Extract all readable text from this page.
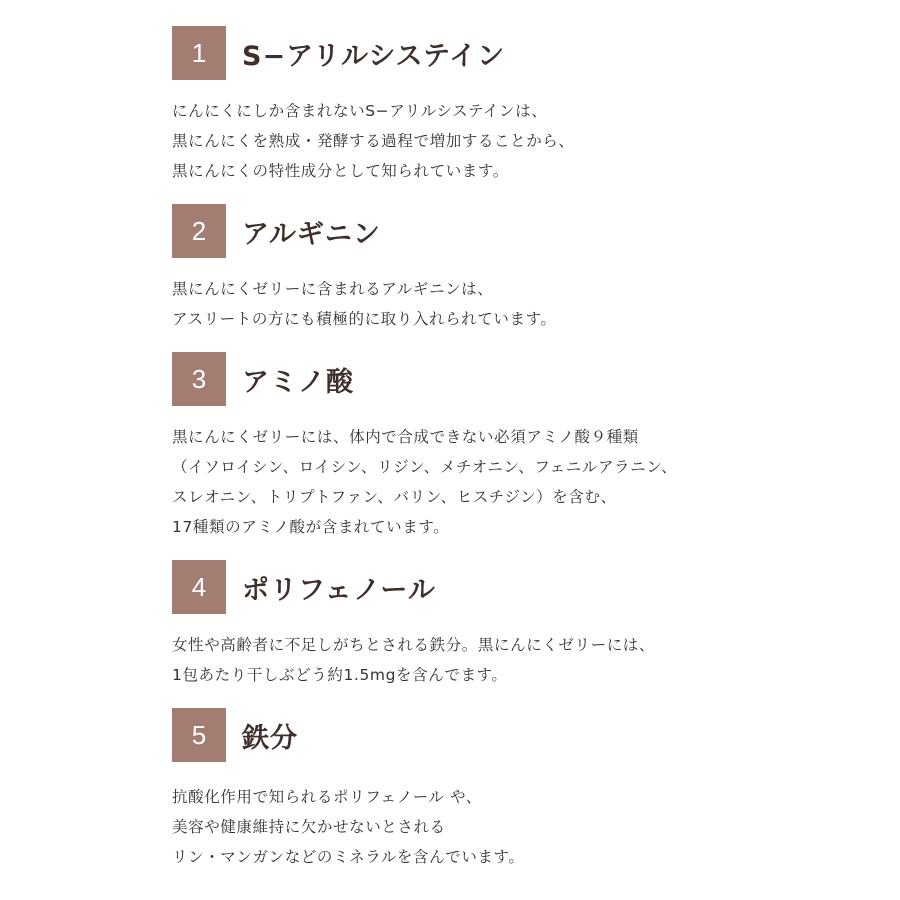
1	S−アリルシステイン
にんにくにしか含まれないS−アリルシステインは、
黒にんにくを熟成・発酵する過程で増加することから、
黒にんにくの特性成分として知られています。
2	アルギニン
黒にんにくゼリーに含まれるアルギニンは、
アスリートの方にも積極的に取り入れられています。
3	アミノ酸
黒にんにくゼリーには、体内で合成できない必須アミノ酸９種類
（イソロイシン、ロイシン、リジン、メチオニン、フェニルアラニン、
スレオニン、トリプトファン、バリン、ヒスチジン）を含む、
17種類のアミノ酸が含まれています。
4	ポリフェノール
女性や高齢者に不足しがちとされる鉄分。黒にんにくゼリーには、
1包あたり干しぶどう約1.5mgを含んでます。
5	鉄分
抗酸化作用で知られるポリフェノール や、
美容や健康維持に欠かせないとされる
リン・マンガンなどのミネラルを含んでいます。
